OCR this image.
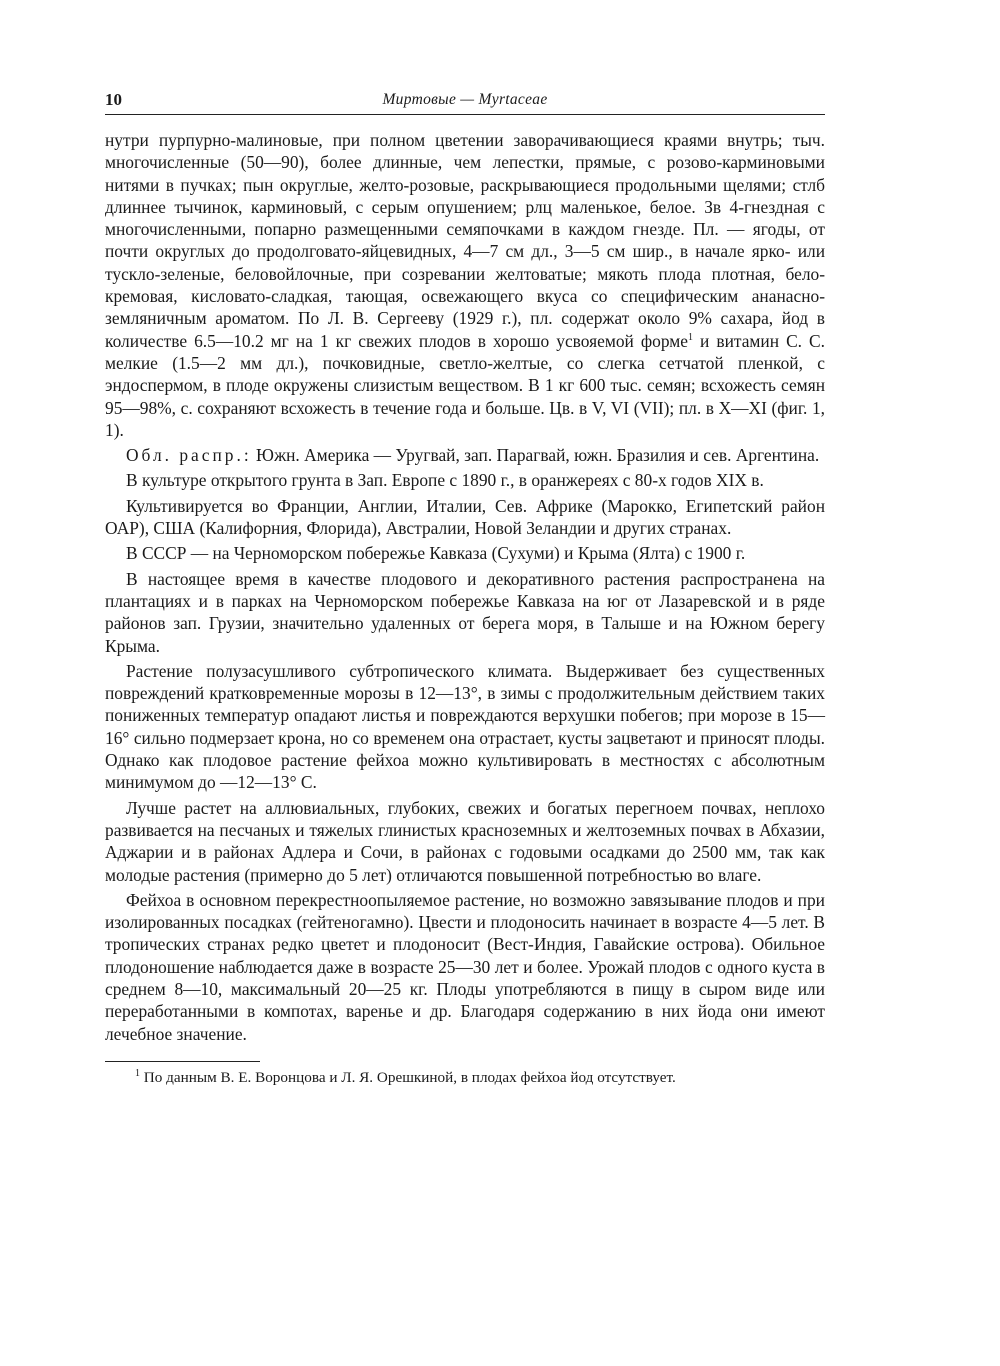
10	Миртовые — Myrtaceae

нутри пурпурно-малиновые, при полном цветении заворачивающиеся краями внутрь; тыч. многочисленные (50—90), более длинные, чем лепестки, прямые, с розово-карминовыми нитями в пучках; пын округлые, желто-розовые, раскрывающиеся продольными щелями; стлб длиннее тычинок, карминовый, с серым опушением; рлц маленькое, белое. Зв 4-гнездная с многочисленными, попарно размещенными семяпочками в каждом гнезде. Пл. — ягоды, от почти округлых до продолговато-яйцевидных, 4—7 см дл., 3—5 см шир., в начале ярко- или тускло-зеленые, беловойлочные, при созревании желтоватые; мякоть плода плотная, бело-кремовая, кисловато-сладкая, тающая, освежающего вкуса со специфическим ананасно-земляничным ароматом. По Л. В. Сергееву (1929 г.), пл. содержат около 9% сахара, йод в количестве 6.5—10.2 мг на 1 кг свежих плодов в хорошо усвояемой форме$^1$ и витамин С. С. мелкие (1.5—2 мм дл.), почковидные, светло-желтые, со слегка сетчатой пленкой, с эндоспермом, в плоде окружены слизистым веществом. В 1 кг 600 тыс. семян; всхожесть семян 95—98%, с. сохраняют всхожесть в течение года и больше. Цв. в V, VI (VII); пл. в X—XI (фиг. 1, 1).

Обл. распр.: Южн. Америка — Уругвай, зап. Парагвай, южн. Бразилия и сев. Аргентина.

В культуре открытого грунта в Зап. Европе с 1890 г., в оранжереях с 80-х годов XIX в.

Культивируется во Франции, Англии, Италии, Сев. Африке (Марокко, Египетский район ОАР), США (Калифорния, Флорида), Австралии, Новой Зеландии и других странах.

В СССР — на Черноморском побережье Кавказа (Сухуми) и Крыма (Ялта) с 1900 г.

В настоящее время в качестве плодового и декоративного растения распространена на плантациях и в парках на Черноморском побережье Кавказа на юг от Лазаревской и в ряде районов зап. Грузии, значительно удаленных от берега моря, в Талыше и на Южном берегу Крыма.

Растение полузасушливого субтропического климата. Выдерживает без существенных повреждений кратковременные морозы в 12—13°, в зимы с продолжительным действием таких пониженных температур опадают листья и повреждаются верхушки побегов; при морозе в 15—16° сильно подмерзает крона, но со временем она отрастает, кусты зацветают и приносят плоды. Однако как плодовое растение фейхоа можно культивировать в местностях с абсолютным минимумом до —12—13° С.

Лучше растет на аллювиальных, глубоких, свежих и богатых перегноем почвах, неплохо развивается на песчаных и тяжелых глинистых красноземных и желтоземных почвах в Абхазии, Аджарии и в районах Адлера и Сочи, в районах с годовыми осадками до 2500 мм, так как молодые растения (примерно до 5 лет) отличаются повышенной потребностью во влаге.

Фейхоа в основном перекрестноопыляемое растение, но возможно завязывание плодов и при изолированных посадках (гейтеногамно). Цвести и плодоносить начинает в возрасте 4—5 лет. В тропических странах редко цветет и плодоносит (Вест-Индия, Гавайские острова). Обильное плодоношение наблюдается даже в возрасте 25—30 лет и более. Урожай плодов с одного куста в среднем 8—10, максимальный 20—25 кг. Плоды употребляются в пищу в сыром виде или переработанными в компотах, варенье и др. Благодаря содержанию в них йода они имеют лечебное значение.

$^1$ По данным В. Е. Воронцова и Л. Я. Орешкиной, в плодах фейхоа йод отсутствует.
